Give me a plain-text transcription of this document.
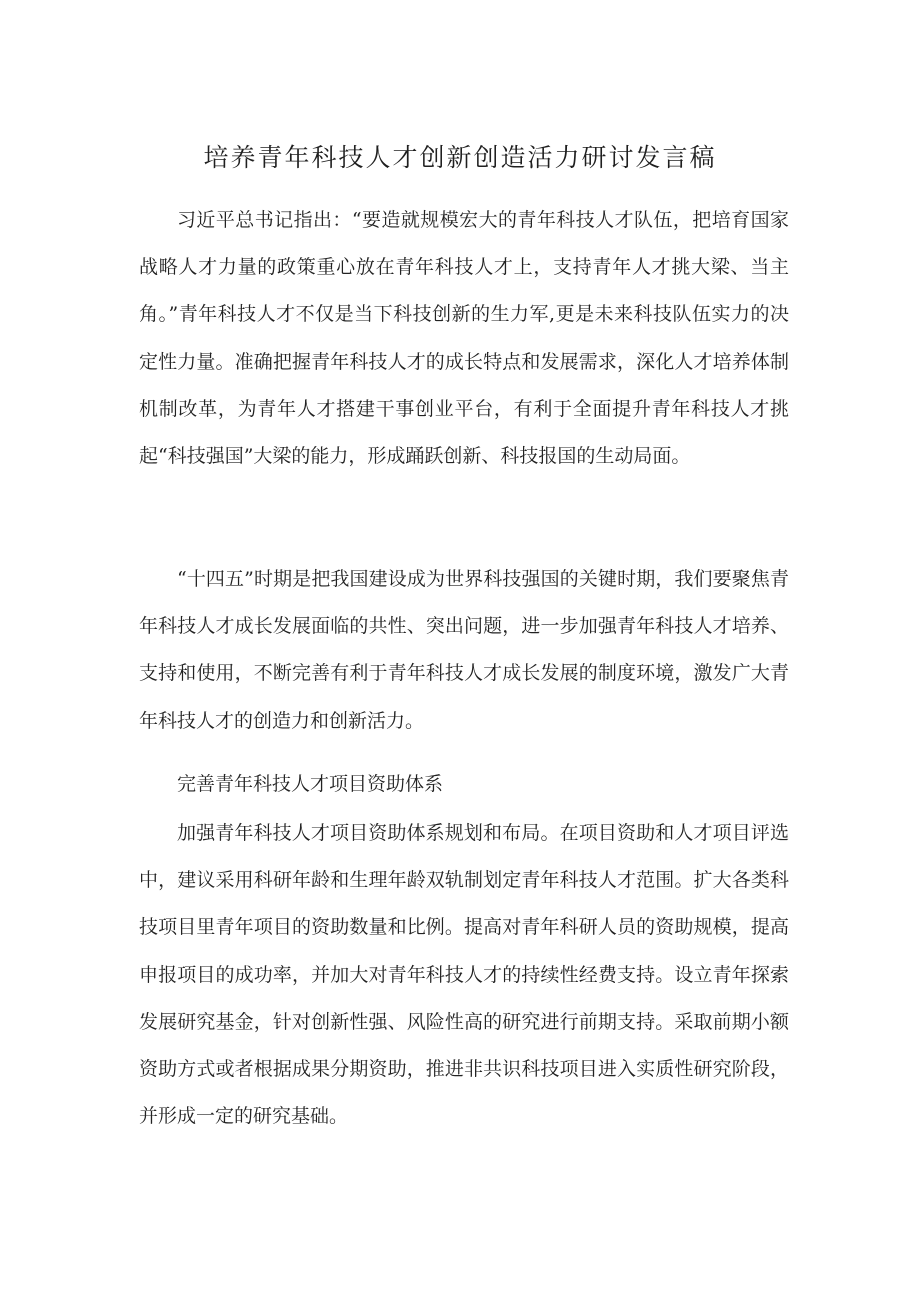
培养青年科技人才创新创造活力研讨发言稿

习近平总书记指出：“要造就规模宏大的青年科技人才队伍，把培育国家战略人才力量的政策重心放在青年科技人才上，支持青年人才挑大梁、当主角。”青年科技人才不仅是当下科技创新的生力军,更是未来科技队伍实力的决定性力量。准确把握青年科技人才的成长特点和发展需求，深化人才培养体制机制改革，为青年人才搭建干事创业平台，有利于全面提升青年科技人才挑起“科技强国”大梁的能力，形成踊跃创新、科技报国的生动局面。

“十四五”时期是把我国建设成为世界科技强国的关键时期，我们要聚焦青年科技人才成长发展面临的共性、突出问题，进一步加强青年科技人才培养、支持和使用，不断完善有利于青年科技人才成长发展的制度环境，激发广大青年科技人才的创造力和创新活力。

完善青年科技人才项目资助体系

加强青年科技人才项目资助体系规划和布局。在项目资助和人才项目评选中，建议采用科研年龄和生理年龄双轨制划定青年科技人才范围。扩大各类科技项目里青年项目的资助数量和比例。提高对青年科研人员的资助规模，提高申报项目的成功率，并加大对青年科技人才的持续性经费支持。设立青年探索发展研究基金，针对创新性强、风险性高的研究进行前期支持。采取前期小额资助方式或者根据成果分期资助，推进非共识科技项目进入实质性研究阶段，并形成一定的研究基础。
